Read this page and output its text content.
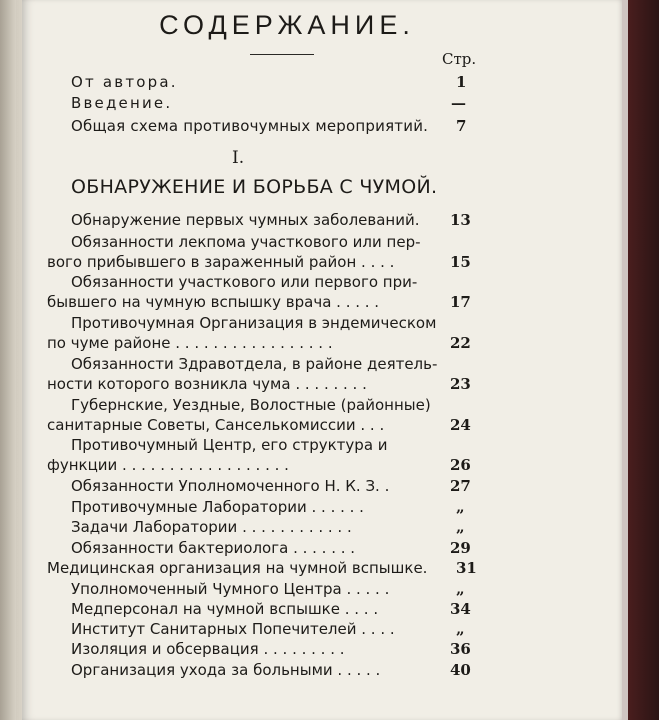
СОДЕРЖАНИЕ.
Стр.
От автора.	1
Введение.	—
Общая схема противочумных мероприятий. 7
I.
ОБНАРУЖЕНИЕ И БОРЬБА С ЧУМОЙ.
Обнаружение первых чумных заболеваний. 13
Обязанности лекпома участкового или пер-
вого прибывшего в зараженный район . . . .	15
Обязанности участкового или первого при-
бывшего на чумную вспышку врача . . . . .	17
Противочумная Организация в эндемическом
по чуме районе . . . . . . . . . . . . . . . . .	22
Обязанности Здравотдела, в районе деятель-
ности которого возникла чума . . . . . . . .	23
Губернские, Уездные, Волостные (районные)
санитарные Советы, Санселькомиссии . . .	24
Противочумный Центр, его структура и
функции . . . . . . . . . . . . . . . . . .	26
Обязанности Уполномоченного Н. К. З. .	27
Противочумные Лаборатории . . . . . .	„
Задачи Лаборатории . . . . . . . . . . . .	„
Обязанности бактериолога . . . . . . .	29
Медицинская организация на чумной вспышке. 31
Уполномоченный Чумного Центра . . . . .	„
Медперсонал на чумной вспышке . . . .	34
Институт Санитарных Попечителей . . . .	„
Изоляция и обсервация . . . . . . . . .	36
Организация ухода за больными . . . . .	40
